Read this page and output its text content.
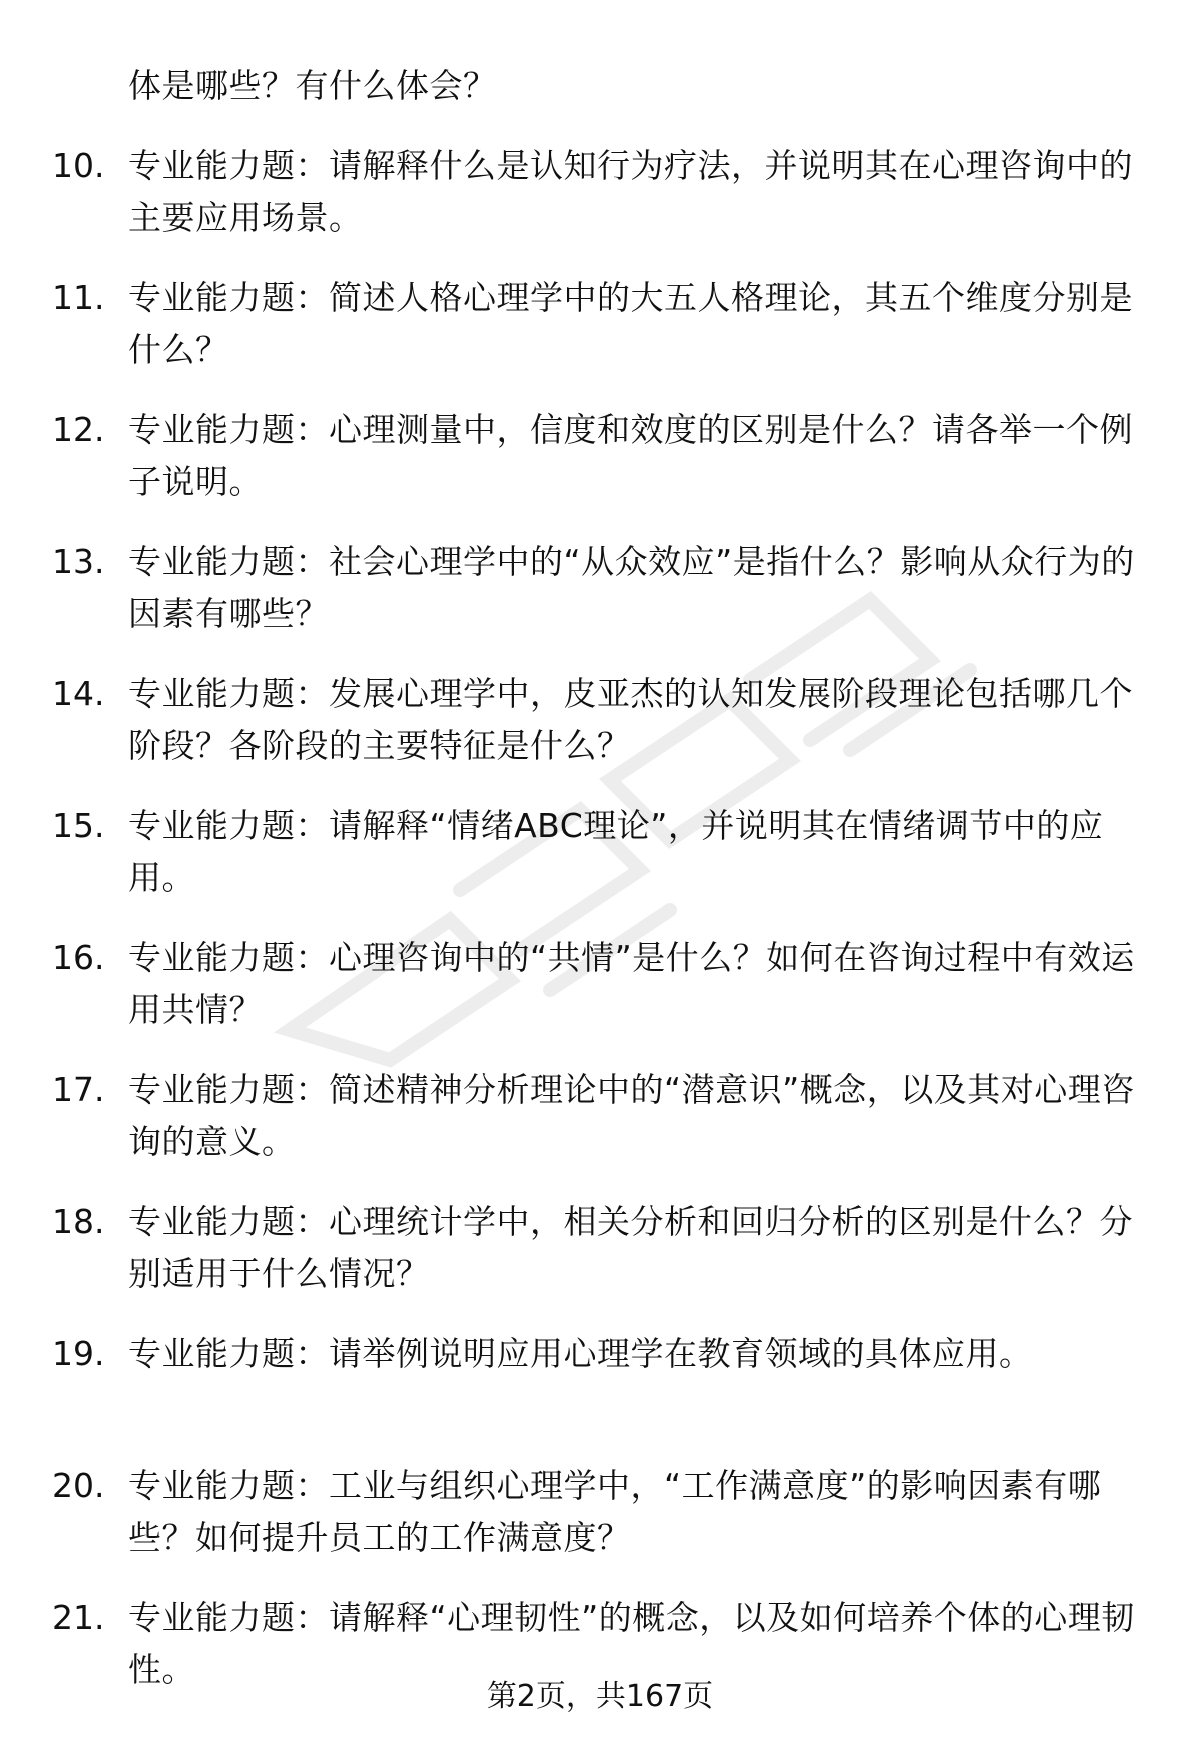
体是哪些？有什么体会？
10. 专业能力题：请解释什么是认知行为疗法，并说明其在心理咨询中的主要应用场景。
11. 专业能力题：简述人格心理学中的大五人格理论，其五个维度分别是什么？
12. 专业能力题：心理测量中，信度和效度的区别是什么？请各举一个例子说明。
13. 专业能力题：社会心理学中的“从众效应”是指什么？影响从众行为的因素有哪些？
14. 专业能力题：发展心理学中，皮亚杰的认知发展阶段理论包括哪几个阶段？各阶段的主要特征是什么？
15. 专业能力题：请解释“情绪ABC理论”，并说明其在情绪调节中的应用。
16. 专业能力题：心理咨询中的“共情”是什么？如何在咨询过程中有效运用共情？
17. 专业能力题：简述精神分析理论中的“潜意识”概念，以及其对心理咨询的意义。
18. 专业能力题：心理统计学中，相关分析和回归分析的区别是什么？分别适用于什么情况？
19. 专业能力题：请举例说明应用心理学在教育领域的具体应用。
20. 专业能力题：工业与组织心理学中，“工作满意度”的影响因素有哪些？如何提升员工的工作满意度？
21. 专业能力题：请解释“心理韧性”的概念，以及如何培养个体的心理韧性。
第2页，共167页
